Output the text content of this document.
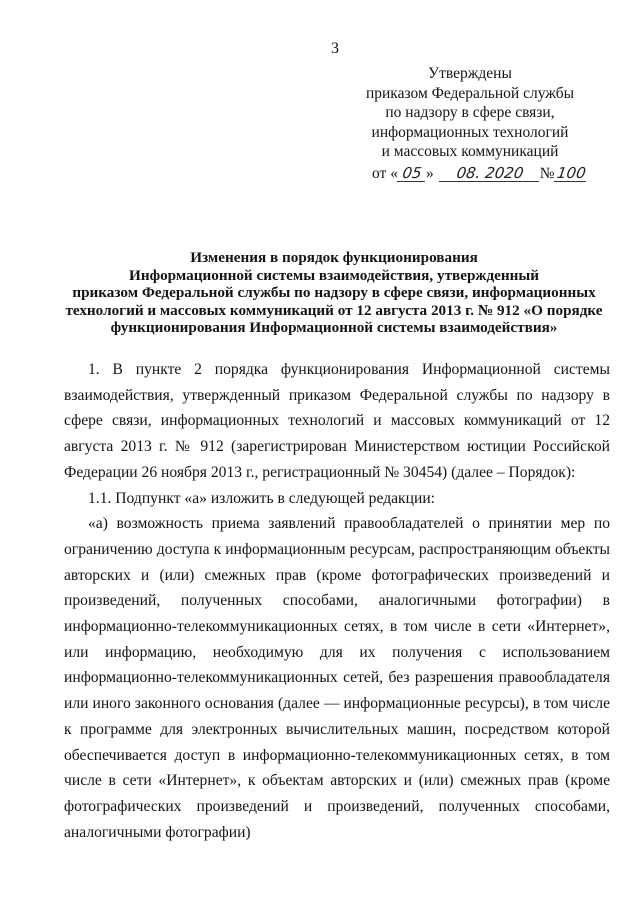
3
Утверждены
приказом Федеральной службы
по надзору в сфере связи,
информационных технологий
и массовых коммуникаций
от « 05 » 08. 2020 №100
Изменения в порядок функционирования
Информационной системы взаимодействия, утвержденный
приказом Федеральной службы по надзору в сфере связи, информационных
технологий и массовых коммуникаций от 12 августа 2013 г. № 912 «О порядке
функционирования Информационной системы взаимодействия»

1. В пункте 2 порядка функционирования Информационной системы взаимодействия, утвержденный приказом Федеральной службы по надзору в сфере связи, информационных технологий и массовых коммуникаций от 12 августа 2013 г. № 912 (зарегистрирован Министерством юстиции Российской Федерации 26 ноября 2013 г., регистрационный № 30454) (далее – Порядок):

1.1. Подпункт «а» изложить в следующей редакции:

«а) возможность приема заявлений правообладателей о принятии мер по ограничению доступа к информационным ресурсам, распространяющим объекты авторских и (или) смежных прав (кроме фотографических произведений и произведений, полученных способами, аналогичными фотографии) в информационно-телекоммуникационных сетях, в том числе в сети «Интернет», или информацию, необходимую для их получения с использованием информационно-телекоммуникационных сетей, без разрешения правообладателя или иного законного основания (далее — информационные ресурсы), в том числе к программе для электронных вычислительных машин, посредством которой обеспечивается доступ в информационно-телекоммуникационных сетях, в том числе в сети «Интернет», к объектам авторских и (или) смежных прав (кроме фотографических произведений и произведений, полученных способами, аналогичными фотографии)
